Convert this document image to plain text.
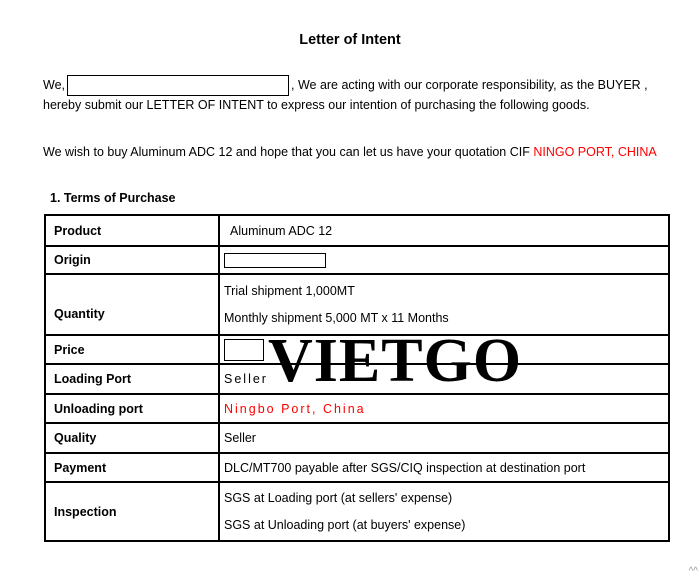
Letter of Intent
We,	, We are acting with our corporate responsibility, as the BUYER ,
hereby submit our LETTER OF INTENT to express our intention of purchasing the following goods.
We wish to buy Aluminum ADC 12 and hope that you can let us have your quotation CIF NINGO PORT, CHINA
1. Terms of Purchase
Product	Aluminum ADC 12
Origin	

Quantity	Trial shipment 1,000MT
Monthly shipment 5,000 MT x 11 Months

Price	

Loading Port	Seller
Unloading port	Ningbo Port, China
Quality	Seller
Payment	DLC/MT700 payable after SGS/CIQ inspection at destination port
Inspection	SGS at Loading port (at sellers' expense)
SGS at Unloading port (at buyers' expense)
VIETGO
^^
